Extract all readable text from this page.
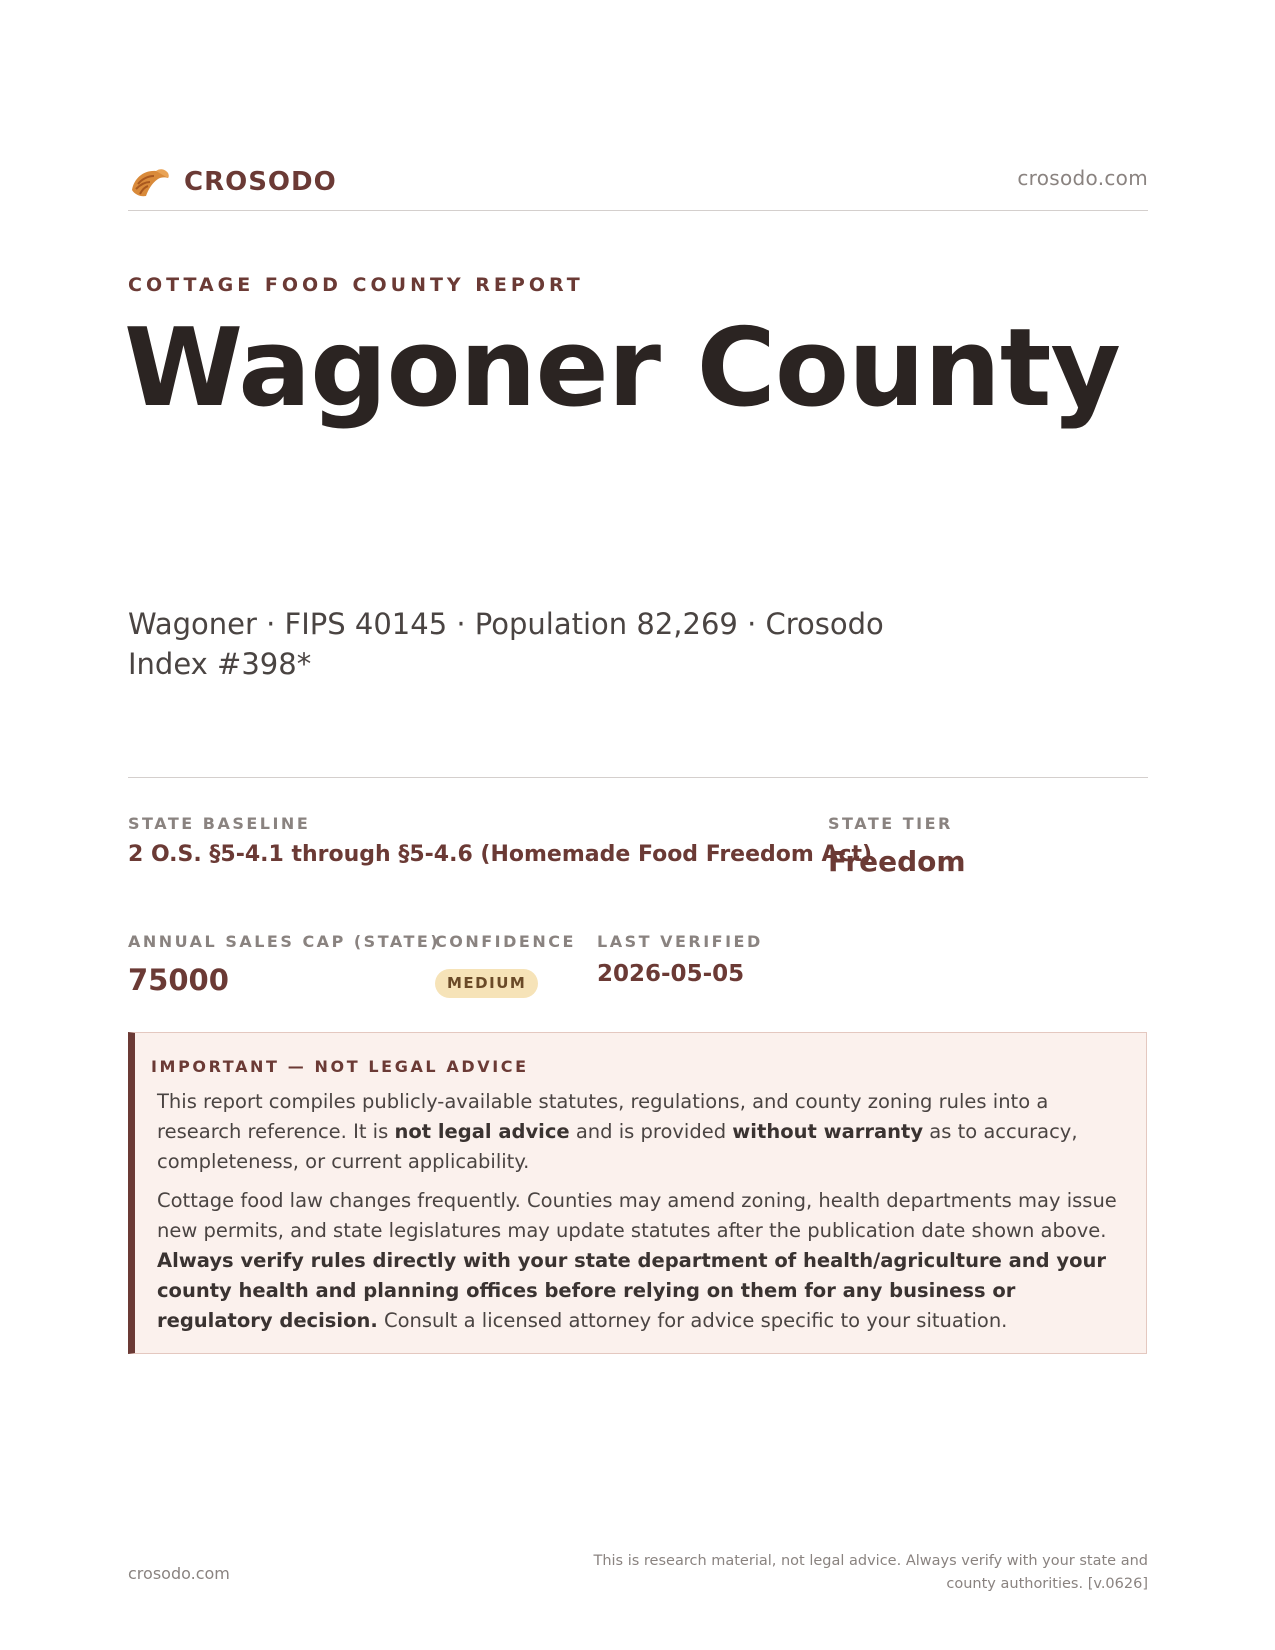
CROSODO	crosodo.com
COTTAGE FOOD COUNTY REPORT
Wagoner County
Wagoner · FIPS 40145 · Population 82,269 · Crosodo Index #398*
STATE BASELINE
2 O.S. §5-4.1 through §5-4.6 (Homemade Food Freedom Act)
STATE TIER
Freedom
ANNUAL SALES CAP (STATE)
75000
CONFIDENCE
MEDIUM
LAST VERIFIED
2026-05-05
IMPORTANT — NOT LEGAL ADVICE
This report compiles publicly-available statutes, regulations, and county zoning rules into a research reference. It is not legal advice and is provided without warranty as to accuracy, completeness, or current applicability.
Cottage food law changes frequently. Counties may amend zoning, health departments may issue new permits, and state legislatures may update statutes after the publication date shown above. Always verify rules directly with your state department of health/agriculture and your county health and planning offices before relying on them for any business or regulatory decision. Consult a licensed attorney for advice specific to your situation.
crosodo.com
This is research material, not legal advice. Always verify with your state and county authorities. [v.0626]
